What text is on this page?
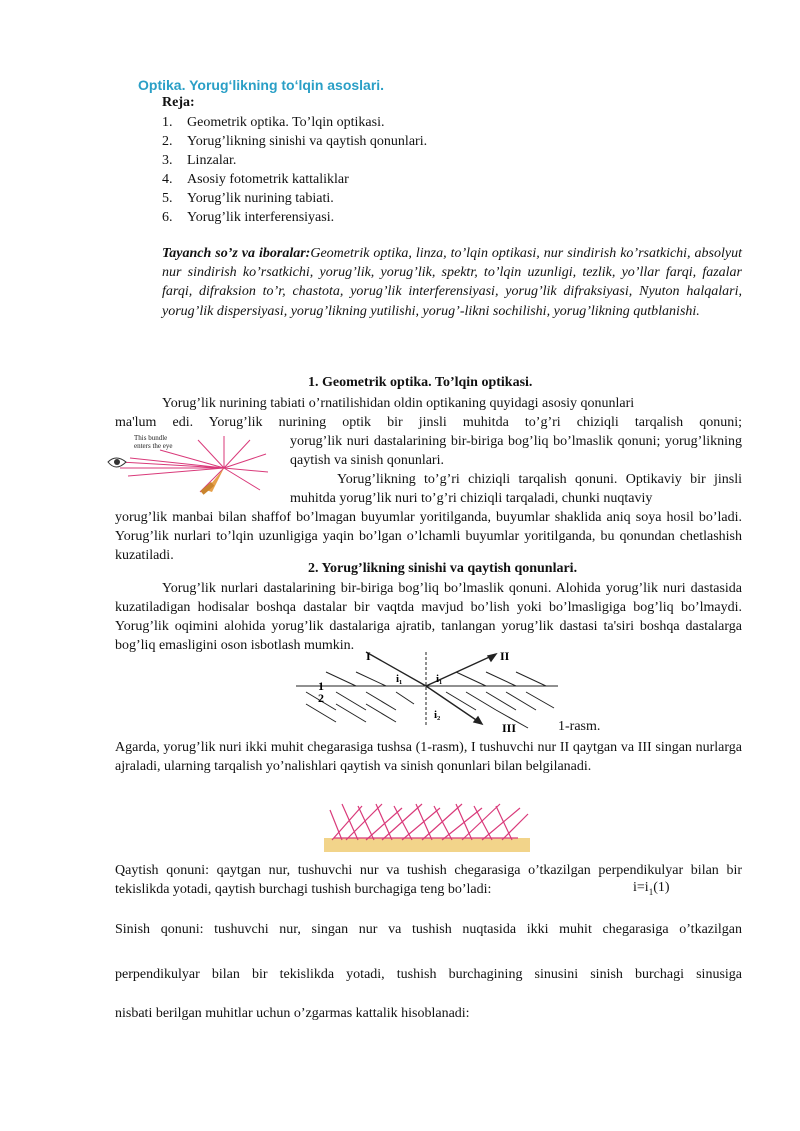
Optika. Yorug‘likning to‘lqin asoslari.
Reja:
1. Geometrik optika. To’lqin optikasi.
2. Yorug’likning sinishi va qaytish qonunlari.
3. Linzalar.
4. Asosiy fotometrik kattaliklar
5. Yorug’lik nurining tabiati.
6. Yorug’lik interferensiyasi.
Tayanch so’z va iboralar:Geometrik optika, linza, to’lqin optikasi, nur sindirish ko’rsatkichi, absolyut nur sindirish ko’rsatkichi, yorug’lik, yorug’lik, spektr, to’lqin uzunligi, tezlik, yo’llar farqi, fazalar farqi, difraksion to’r, chastota, yorug’lik interferensiyasi, yorug’lik difraksiyasi, Nyuton halqalari, yorug’lik dispersiyasi, yorug’likning yutilishi, yorug’-likni sochilishi, yorug’likning qutblanishi.
1. Geometrik optika. To’lqin optikasi.
Yorug’lik nurining tabiati o’rnatilishidan oldin optikaning quyidagi asosiy qonunlari
ma'lum edi. Yorug’lik nurining optik bir jinsli muhitda to’g’ri chiziqli tarqalish qonuni;
This bundle
enters the eye	yorug’lik nuri dastalarining bir-biriga bog’liq bo’lmaslik qonuni; yorug’likning qaytish va sinish qonunlari.
Yorug’likning to’g’ri chiziqli tarqalish qonuni. Optikaviy bir jinsli muhitda yorug’lik nuri to’g’ri chiziqli tarqaladi, chunki nuqtaviy
yorug’lik manbai bilan shaffof bo’lmagan buyumlar yoritilganda, buyumlar shaklida aniq soya hosil bo’ladi. Yorug’lik nurlari to’lqin uzunligiga yaqin bo’lgan o’lchamli buyumlar yoritilganda, bu qonundan chetlashish kuzatiladi.
2. Yorug’likning sinishi va qaytish qonunlari.
Yorug’lik nurlari dastalarining bir-biriga bog’liq bo’lmaslik qonuni. Alohida yorug’lik nuri dastasida kuzatiladigan hodisalar boshqa dastalar bir vaqtda mavjud bo’lish yoki bo’lmasligiga bog’liq bo’lmaydi. Yorug’lik oqimini alohida yorug’lik dastalariga ajratib, tanlangan yorug’lik dastasi ta'siri boshqa dastalarga bog’liq emasligini oson isbotlash mumkin.
I	II
III
i₁	i₁
i₂
1
2
1-rasm.
Agarda, yorug’lik nuri ikki muhit chegarasiga tushsa (1-rasm), I tushuvchi nur II qaytgan va III singan nurlarga ajraladi, ularning tarqalish yo’nalishlari qaytish va sinish qonunlari bilan belgilanadi.
Qaytish qonuni: qaytgan nur, tushuvchi nur va tushish chegarasiga o’tkazilgan perpendikulyar bilan bir tekislikda yotadi, qaytish burchagi tushish burchagiga teng bo’ladi:	$i=i_1(1)$
Sinish qonuni: tushuvchi nur, singan nur va tushish nuqtasida ikki muhit chegarasiga o’tkazilgan
perpendikulyar bilan bir tekislikda yotadi, tushish burchagining sinusini sinish burchagi sinusiga
nisbati berilgan muhitlar uchun o’zgarmas kattalik hisoblanadi:
